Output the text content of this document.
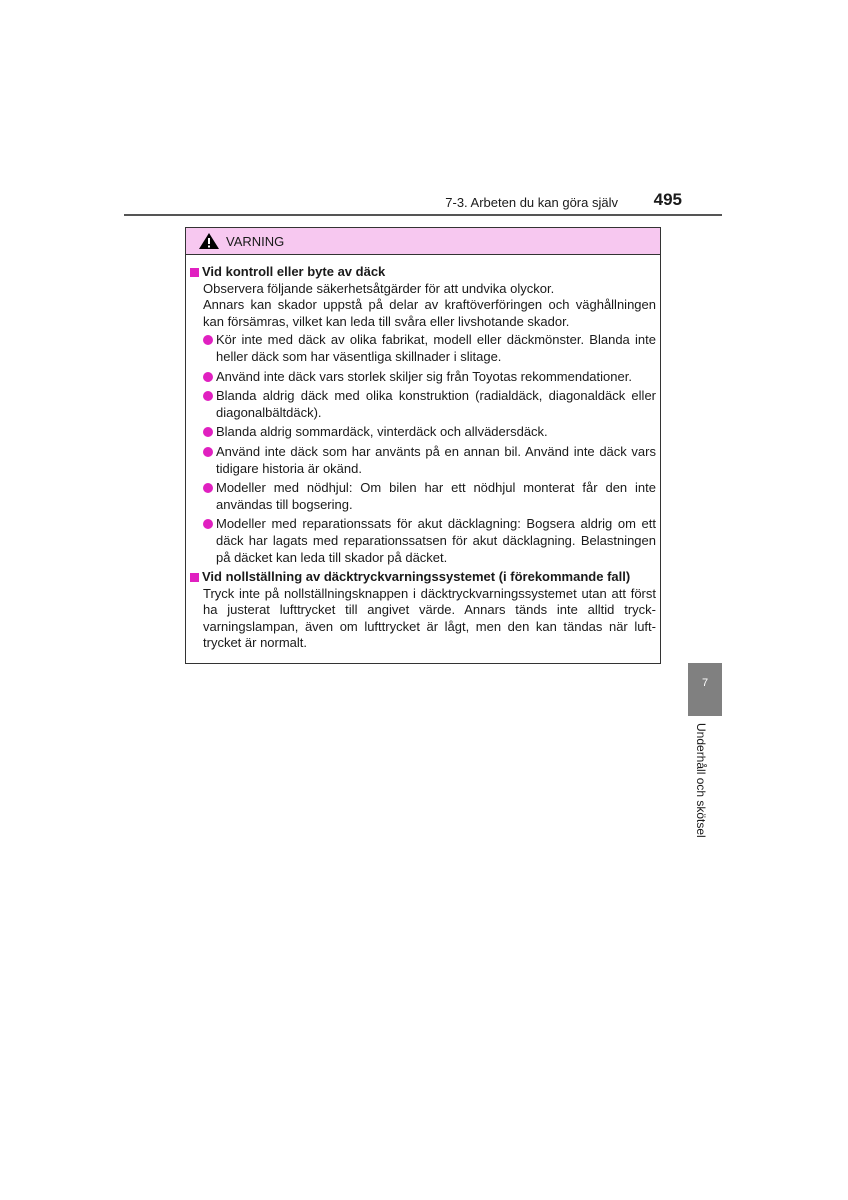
7-3. Arbeten du kan göra själv 495
VARNING
Vid kontroll eller byte av däck
Observera följande säkerhetsåtgärder för att undvika olyckor.
Annars kan skador uppstå på delar av kraftöverföringen och väghållningen kan försämras, vilket kan leda till svåra eller livshotande skador.
Kör inte med däck av olika fabrikat, modell eller däckmönster. Blanda inte heller däck som har väsentliga skillnader i slitage.
Använd inte däck vars storlek skiljer sig från Toyotas rekommendationer.
Blanda aldrig däck med olika konstruktion (radialdäck, diagonaldäck eller diagonalbältdäck).
Blanda aldrig sommardäck, vinterdäck och allvädersdäck.
Använd inte däck som har använts på en annan bil. Använd inte däck vars tidigare historia är okänd.
Modeller med nödhjul: Om bilen har ett nödhjul monterat får den inte användas till bogsering.
Modeller med reparationssats för akut däcklagning: Bogsera aldrig om ett däck har lagats med reparationssatsen för akut däcklagning. Belastningen på däcket kan leda till skador på däcket.
Vid nollställning av däcktryckvarningssystemet (i förekommande fall)
Tryck inte på nollställningsknappen i däcktryckvarningssystemet utan att först ha justerat lufttrycket till angivet värde. Annars tänds inte alltid tryck-varningslampan, även om lufttrycket är lågt, men den kan tändas när luft-trycket är normalt.
7
Underhåll och skötsel
